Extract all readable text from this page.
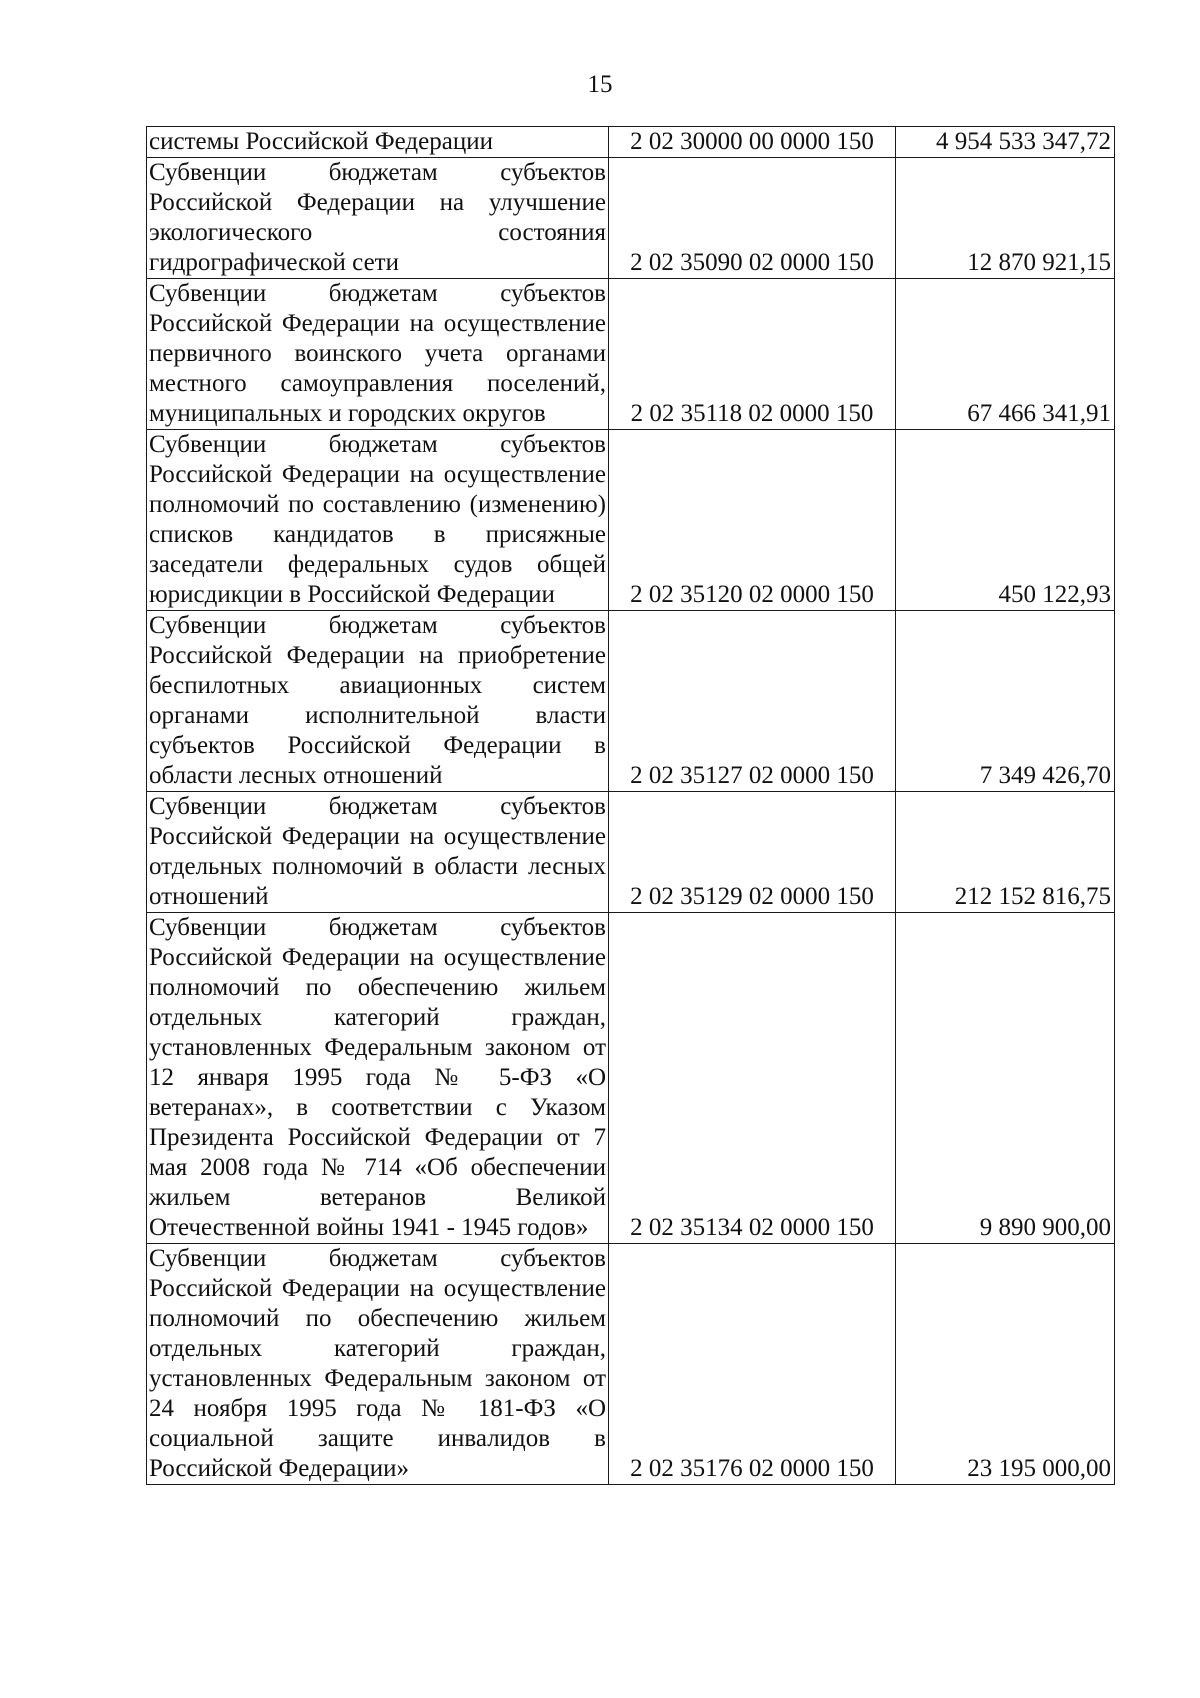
15
системы Российской Федерации	2 02 30000 00 0000 150	4 954 533 347,72
Субвенции бюджетам субъектов Российской Федерации на улучшение экологического состояния гидрографической сети	2 02 35090 02 0000 150	12 870 921,15
Субвенции бюджетам субъектов Российской Федерации на осуществление первичного воинского учета органами местного самоуправления поселений, муниципальных и городских округов	2 02 35118 02 0000 150	67 466 341,91
Субвенции бюджетам субъектов Российской Федерации на осуществление полномочий по составлению (изменению) списков кандидатов в присяжные заседатели федеральных судов общей юрисдикции в Российской Федерации	2 02 35120 02 0000 150	450 122,93
Субвенции бюджетам субъектов Российской Федерации на приобретение беспилотных авиационных систем органами исполнительной власти субъектов Российской Федерации в области лесных отношений	2 02 35127 02 0000 150	7 349 426,70
Субвенции бюджетам субъектов Российской Федерации на осуществление отдельных полномочий в области лесных отношений	2 02 35129 02 0000 150	212 152 816,75
Субвенции бюджетам субъектов Российской Федерации на осуществление полномочий по обеспечению жильем отдельных категорий граждан, установленных Федеральным законом от 12 января 1995 года № 5-ФЗ «О ветеранах», в соответствии с Указом Президента Российской Федерации от 7 мая 2008 года № 714 «Об обеспечении жильем ветеранов Великой Отечественной войны 1941 - 1945 годов»	2 02 35134 02 0000 150	9 890 900,00
Субвенции бюджетам субъектов Российской Федерации на осуществление полномочий по обеспечению жильем отдельных категорий граждан, установленных Федеральным законом от 24 ноября 1995 года № 181-ФЗ «О социальной защите инвалидов в Российской Федерации»	2 02 35176 02 0000 150	23 195 000,00
